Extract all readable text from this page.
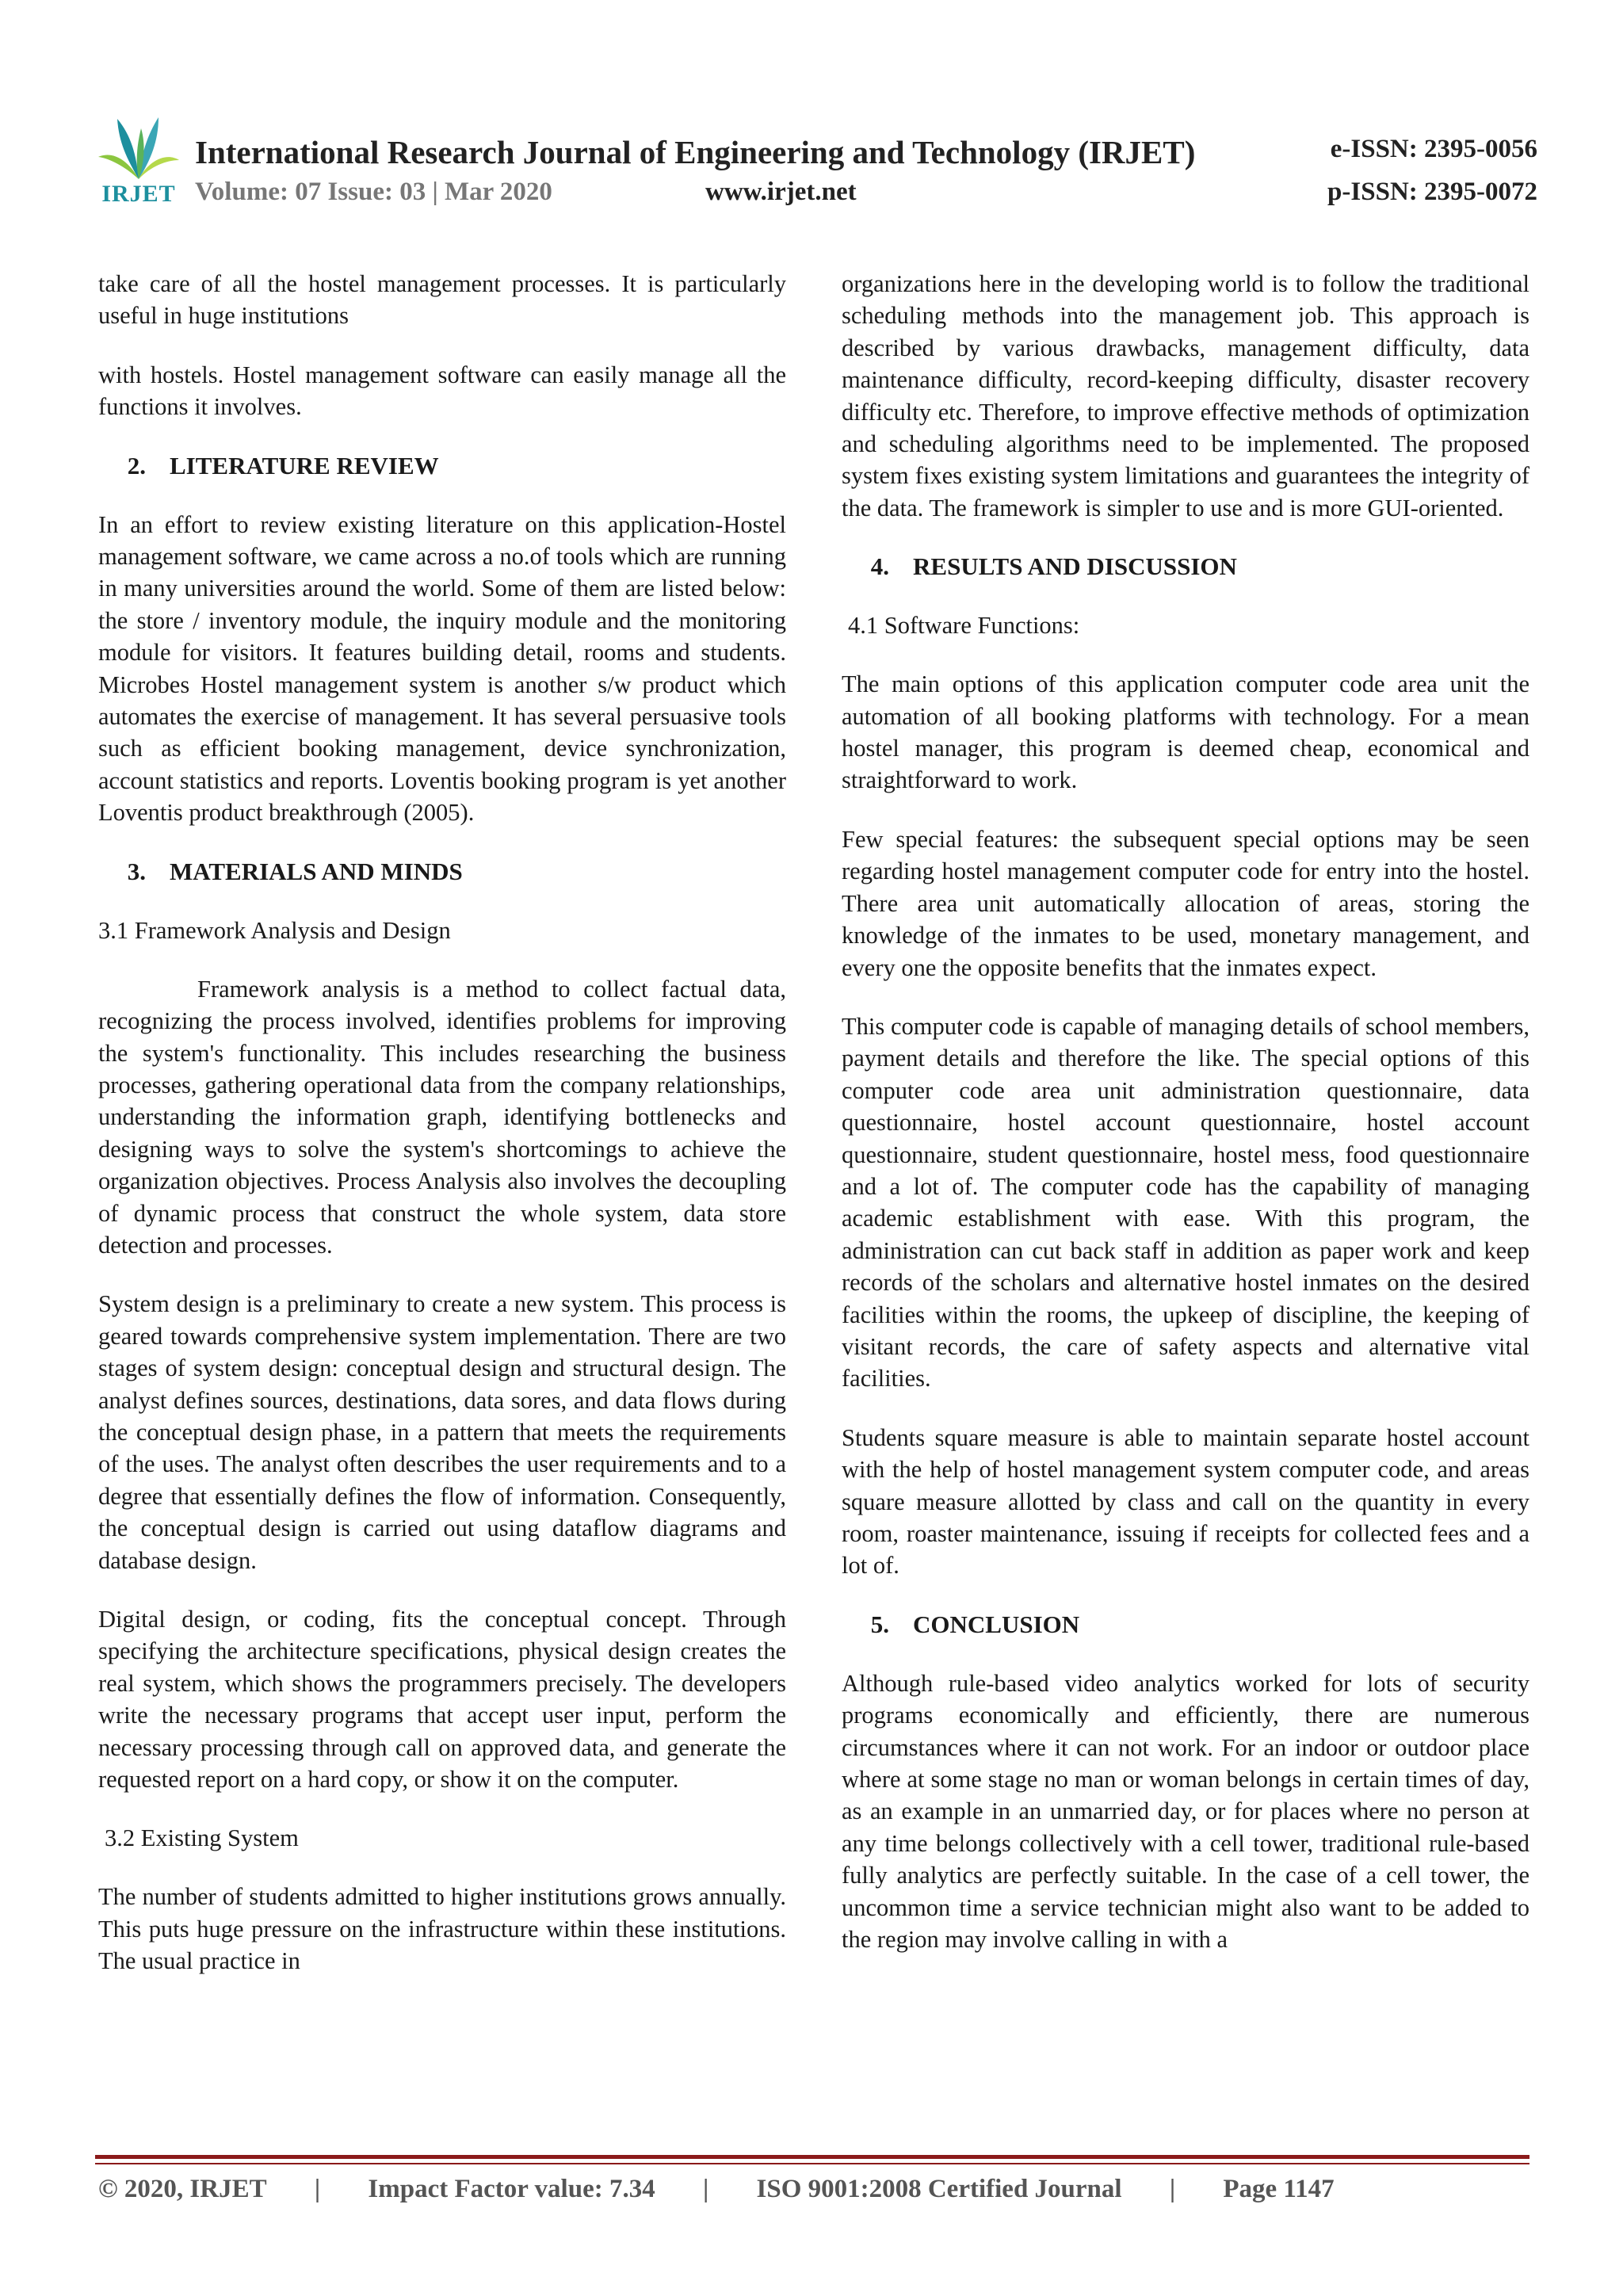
IRJET
International Research Journal of Engineering and Technology (IRJET)
Volume: 07 Issue: 03 | Mar 2020	www.irjet.net
e-ISSN: 2395-0056
p-ISSN: 2395-0072

take care of all the hostel management processes. It is particularly useful in huge institutions

with hostels. Hostel management software can easily manage all the functions it involves.

2. LITERATURE REVIEW

In an effort to review existing literature on this application-Hostel management software, we came across a no.of tools which are running in many universities around the world. Some of them are listed below: the store / inventory module, the inquiry module and the monitoring module for visitors. It features building detail, rooms and students. Microbes Hostel management system is another s/w product which automates the exercise of management. It has several persuasive tools such as efficient booking management, device synchronization, account statistics and reports. Loventis booking program is yet another Loventis product breakthrough (2005).

3. MATERIALS AND MINDS
3.1 Framework Analysis and Design

Framework analysis is a method to collect factual data, recognizing the process involved, identifies problems for improving the system's functionality. This includes researching the business processes, gathering operational data from the company relationships, understanding the information graph, identifying bottlenecks and designing ways to solve the system's shortcomings to achieve the organization objectives. Process Analysis also involves the decoupling of dynamic process that construct the whole system, data store detection and processes.

System design is a preliminary to create a new system. This process is geared towards comprehensive system implementation. There are two stages of system design: conceptual design and structural design. The analyst defines sources, destinations, data sores, and data flows during the conceptual design phase, in a pattern that meets the requirements of the uses. The analyst often describes the user requirements and to a degree that essentially defines the flow of information. Consequently, the conceptual design is carried out using dataflow diagrams and database design.

Digital design, or coding, fits the conceptual concept. Through specifying the architecture specifications, physical design creates the real system, which shows the programmers precisely. The developers write the necessary programs that accept user input, perform the necessary processing through call on approved data, and generate the requested report on a hard copy, or show it on the computer.

3.2 Existing System

The number of students admitted to higher institutions grows annually. This puts huge pressure on the infrastructure within these institutions. The usual practice in

organizations here in the developing world is to follow the traditional scheduling methods into the management job. This approach is described by various drawbacks, management difficulty, data maintenance difficulty, record-keeping difficulty, disaster recovery difficulty etc. Therefore, to improve effective methods of optimization and scheduling algorithms need to be implemented. The proposed system fixes existing system limitations and guarantees the integrity of the data. The framework is simpler to use and is more GUI-oriented.

4. RESULTS AND DISCUSSION
4.1 Software Functions:

The main options of this application computer code area unit the automation of all booking platforms with technology. For a mean hostel manager, this program is deemed cheap, economical and straightforward to work.

Few special features: the subsequent special options may be seen regarding hostel management computer code for entry into the hostel. There area unit automatically allocation of areas, storing the knowledge of the inmates to be used, monetary management, and every one the opposite benefits that the inmates expect.

This computer code is capable of managing details of school members, payment details and therefore the like. The special options of this computer code area unit administration questionnaire, data questionnaire, hostel account questionnaire, hostel account questionnaire, student questionnaire, hostel mess, food questionnaire and a lot of. The computer code has the capability of managing academic establishment with ease. With this program, the administration can cut back staff in addition as paper work and keep records of the scholars and alternative hostel inmates on the desired facilities within the rooms, the upkeep of discipline, the keeping of visitant records, the care of safety aspects and alternative vital facilities.

Students square measure is able to maintain separate hostel account with the help of hostel management system computer code, and areas square measure allotted by class and call on the quantity in every room, roaster maintenance, issuing if receipts for collected fees and a lot of.

5. CONCLUSION

Although rule-based video analytics worked for lots of security programs economically and efficiently, there are numerous circumstances where it can not work. For an indoor or outdoor place where at some stage no man or woman belongs in certain times of day, as an example in an unmarried day, or for places where no person at any time belongs collectively with a cell tower, traditional rule-based fully analytics are perfectly suitable. In the case of a cell tower, the uncommon time a service technician might also want to be added to the region may involve calling in with a

© 2020, IRJET | Impact Factor value: 7.34 | ISO 9001:2008 Certified Journal | Page 1147
